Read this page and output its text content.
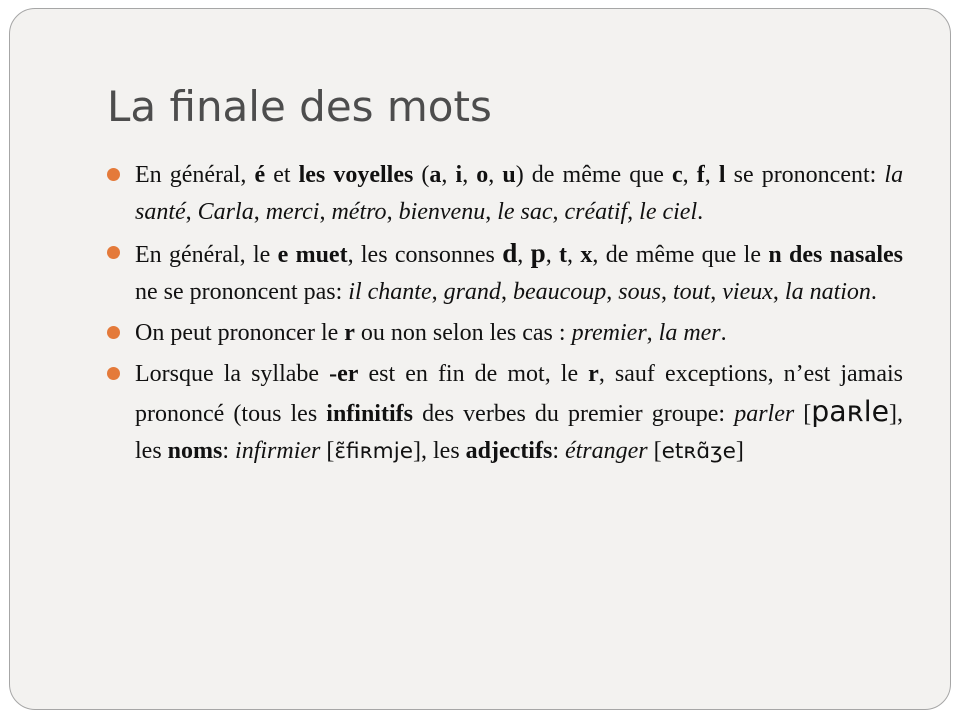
La finale des mots
En général, é et les voyelles (a, i, o, u) de même que c, f, l se prononcent: la santé, Carla, merci, métro, bienvenu, le sac, créatif, le ciel.
En général, le e muet, les consonnes d, p, t, x, de même que le n des nasales ne se prononcent pas: il chante, grand, beaucoup, sous, tout, vieux, la nation.
On peut prononcer le r ou non selon les cas : premier, la mer.
Lorsque la syllabe -er est en fin de mot, le r, sauf exceptions, n’est jamais prononcé (tous les infinitifs des verbes du premier groupe: parler [paʀle], les noms: infirmier [ɛ̃fiʀmje], les adjectifs: étranger [etʀɑ̃ʒe]
